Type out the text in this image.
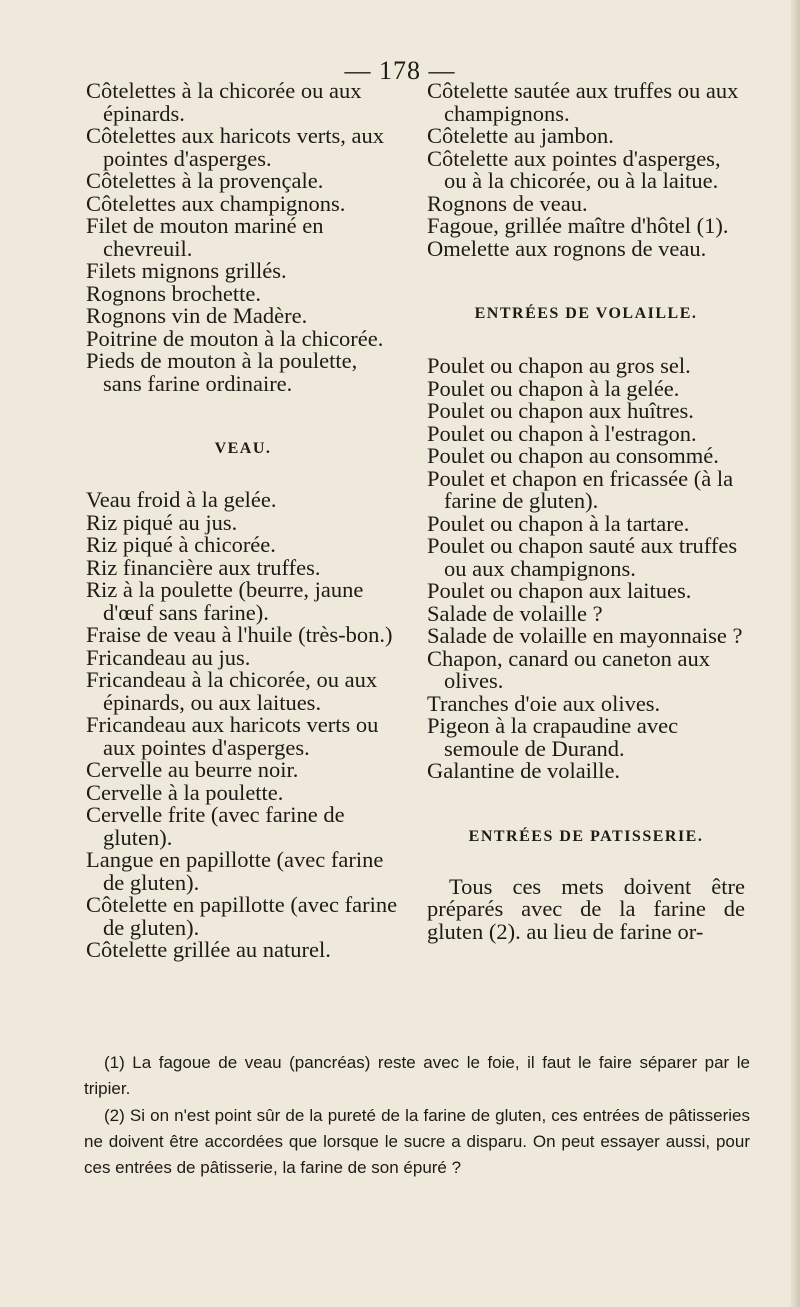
— 178 —

Côtelettes à la chicorée ou aux épinards.

Côtelettes aux haricots verts, aux pointes d'asperges.

Côtelettes à la provençale.

Côtelettes aux champignons.

Filet de mouton mariné en chevreuil.

Filets mignons grillés.

Rognons brochette.

Rognons vin de Madère.

Poitrine de mouton à la chicorée.

Pieds de mouton à la poulette, sans farine ordinaire.

VEAU.

Veau froid à la gelée.

Riz piqué au jus.

Riz piqué à chicorée.

Riz financière aux truffes.

Riz à la poulette (beurre, jaune d'œuf sans farine).

Fraise de veau à l'huile (très-bon.)

Fricandeau au jus.

Fricandeau à la chicorée, ou aux épinards, ou aux laitues.

Fricandeau aux haricots verts ou aux pointes d'asperges.

Cervelle au beurre noir.

Cervelle à la poulette.

Cervelle frite (avec farine de gluten).

Langue en papillotte (avec farine de gluten).

Côtelette en papillotte (avec farine de gluten).

Côtelette grillée au naturel.

Côtelette sautée aux truffes ou aux champignons.

Côtelette au jambon.

Côtelette aux pointes d'asperges, ou à la chicorée, ou à la laitue.

Rognons de veau.

Fagoue, grillée maître d'hôtel (1).

Omelette aux rognons de veau.

ENTRÉES DE VOLAILLE.

Poulet ou chapon au gros sel.

Poulet ou chapon à la gelée.

Poulet ou chapon aux huîtres.

Poulet ou chapon à l'estragon.

Poulet ou chapon au consommé.

Poulet et chapon en fricassée (à la farine de gluten).

Poulet ou chapon à la tartare.

Poulet ou chapon sauté aux truffes ou aux champignons.

Poulet ou chapon aux laitues.

Salade de volaille ?

Salade de volaille en mayonnaise ?

Chapon, canard ou caneton aux olives.

Tranches d'oie aux olives.

Pigeon à la crapaudine avec semoule de Durand.

Galantine de volaille.

ENTRÉES DE PATISSERIE.

Tous ces mets doivent être préparés avec de la farine de gluten (2). au lieu de farine or-

(1) La fagoue de veau (pancréas) reste avec le foie, il faut le faire séparer par le tripier.

(2) Si on n'est point sûr de la pureté de la farine de gluten, ces entrées de pâtisseries ne doivent être accordées que lorsque le sucre a disparu. On peut essayer aussi, pour ces entrées de pâtisserie, la farine de son épuré ?
